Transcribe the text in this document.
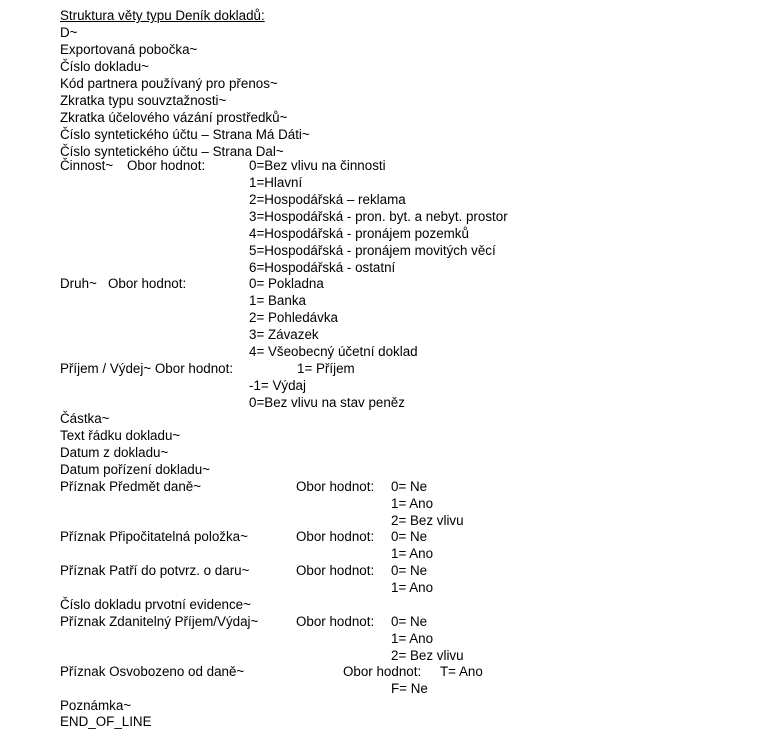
Struktura věty typu Deník dokladů:
D~
Exportovaná pobočka~
Číslo dokladu~
Kód partnera používaný pro přenos~
Zkratka typu souvztažnosti~
Zkratka účelového vázání prostředků~
Číslo syntetického účtu – Strana Má Dáti~
Číslo syntetického účtu – Strana Dal~
Činnost~ Obor hodnot:	0=Bez vlivu na činnosti
1=Hlavní
2=Hospodářská – reklama
3=Hospodářská - pron. byt. a nebyt. prostor
4=Hospodářská - pronájem pozemků
5=Hospodářská - pronájem movitých věcí
6=Hospodářská - ostatní
Druh~ Obor hodnot:	0= Pokladna
1= Banka
2= Pohledávka
3= Závazek
4= Všeobecný účetní doklad
Příjem / Výdej~ Obor hodnot:	1= Příjem
-1= Výdaj
0=Bez vlivu na stav peněz
Částka~
Text řádku dokladu~
Datum z dokladu~
Datum pořízení dokladu~
Příznak Předmět daně~	Obor hodnot: 0= Ne
1= Ano
2= Bez vlivu
Příznak Připočitatelná položka~	Obor hodnot: 0= Ne
1= Ano
Příznak Patří do potvrz. o daru~	Obor hodnot: 0= Ne
1= Ano
Číslo dokladu prvotní evidence~
Příznak Zdanitelný Příjem/Výdaj~	Obor hodnot: 0= Ne
1= Ano
2= Bez vlivu
Příznak Osvobozeno od daně~	Obor hodnot: T= Ano
F= Ne
Poznámka~
END_OF_LINE
